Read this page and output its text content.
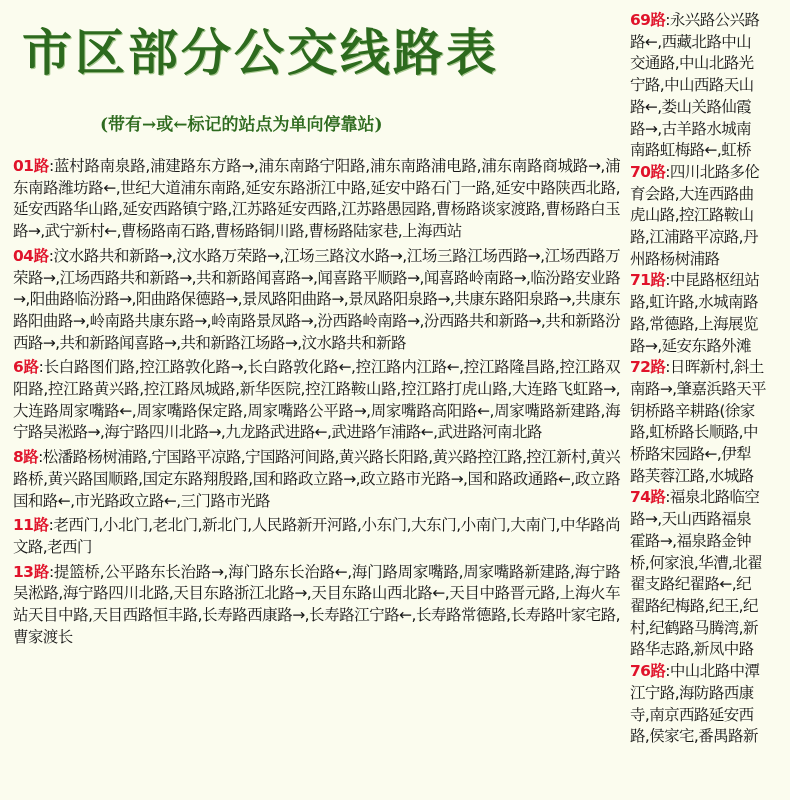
市区部分公交线路表
(带有→或←标记的站点为单向停靠站)

01路:蓝村路南泉路,浦建路东方路→,浦东南路宁阳路,浦东南路浦电路,浦东南路商城路→,浦东南路潍坊路←,世纪大道浦东南路,延安东路浙江中路,延安中路石门一路,延安中路陕西北路,延安西路华山路,延安西路镇宁路,江苏路延安西路,江苏路愚园路,曹杨路谈家渡路,曹杨路白玉路→,武宁新村←,曹杨路南石路,曹杨路铜川路,曹杨路陆家巷,上海西站

04路:汶水路共和新路→,汶水路万荣路→,江场三路汶水路→,江场三路江场西路→,江场西路万荣路→,江场西路共和新路→,共和新路闻喜路→,闻喜路平顺路→,闻喜路岭南路→,临汾路安业路→,阳曲路临汾路→,阳曲路保德路→,景凤路阳曲路→,景凤路阳泉路→,共康东路阳泉路→,共康东路阳曲路→,岭南路共康东路→,岭南路景凤路→,汾西路岭南路→,汾西路共和新路→,共和新路汾西路→,共和新路闻喜路→,共和新路江场路→,汶水路共和新路

6路:长白路图们路,控江路敦化路→,长白路敦化路←,控江路内江路←,控江路隆昌路,控江路双阳路,控江路黄兴路,控江路凤城路,新华医院,控江路鞍山路,控江路打虎山路,大连路飞虹路→,大连路周家嘴路←,周家嘴路保定路,周家嘴路公平路→,周家嘴路高阳路←,周家嘴路新建路,海宁路吴淞路→,海宁路四川北路→,九龙路武进路←,武进路乍浦路←,武进路河南北路

8路:松潘路杨树浦路,宁国路平凉路,宁国路河间路,黄兴路长阳路,黄兴路控江路,控江新村,黄兴路桥,黄兴路国顺路,国定东路翔殷路,国和路政立路→,政立路市光路→,国和路政通路←,政立路国和路←,市光路政立路←,三门路市光路

11路:老西门,小北门,老北门,新北门,人民路新开河路,小东门,大东门,小南门,大南门,中华路尚文路,老西门

13路:提篮桥,公平路东长治路→,海门路东长治路←,海门路周家嘴路,周家嘴路新建路,海宁路吴淞路,海宁路四川北路,天目东路浙江北路→,天目东路山西北路←,天目中路晋元路,上海火车站天目中路,天目西路恒丰路,长寿路西康路→,长寿路江宁路←,长寿路常德路,长寿路叶家宅路,曹家渡长

69路:永兴路公兴路
路←,西藏北路中山
交通路,中山北路光
宁路,中山西路天山
路←,娄山关路仙霞
路→,古羊路水城南
南路虹梅路←,虹桥
70路:四川北路多伦
育会路,大连西路曲
虎山路,控江路鞍山
路,江浦路平凉路,丹
州路杨树浦路
71路:中昆路枢纽站
路,虹许路,水城南路
路,常德路,上海展览
路→,延安东路外滩
72路:日晖新村,斜土
南路→,肇嘉浜路天平
钥桥路辛耕路(徐家
路,虹桥路长顺路,中
桥路宋园路←,伊犁
路芙蓉江路,水城路
74路:福泉北路临空
路→,天山西路福泉
霍路→,福泉路金钟
桥,何家浪,华漕,北翟
翟支路纪翟路←,纪
翟路纪梅路,纪王,纪
村,纪鹤路马腾湾,新
路华志路,新凤中路
76路:中山北路中潭
江宁路,海防路西康
寺,南京西路延安西
路,侯家宅,番禺路新
